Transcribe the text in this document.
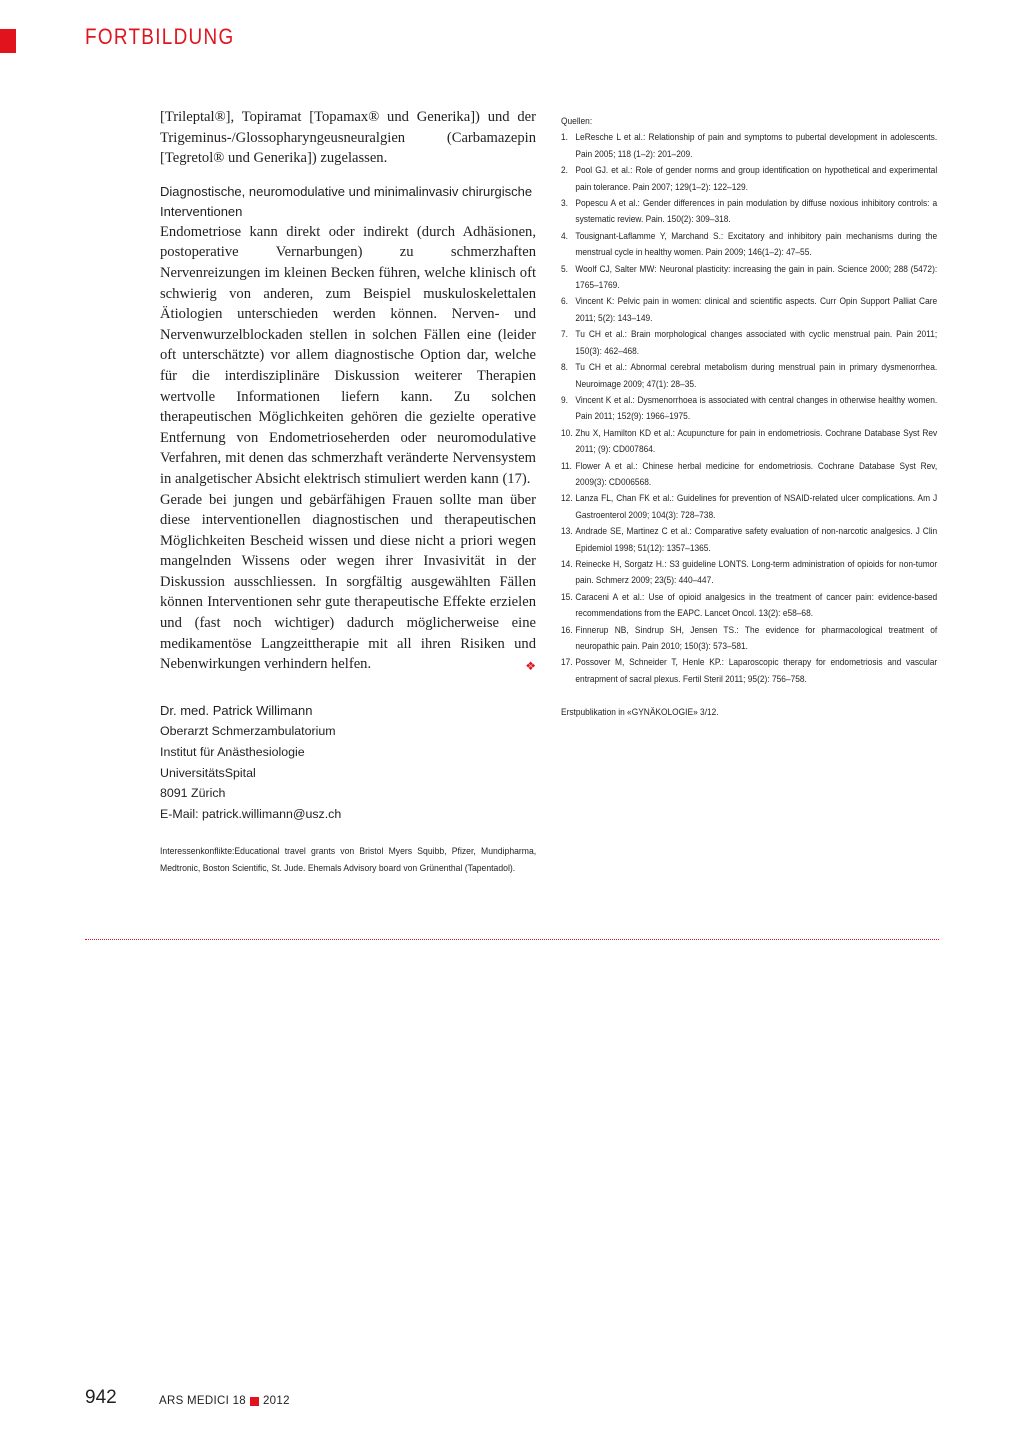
FORTBILDUNG

[Trileptal®], Topiramat [Topamax® und Generika]) und der Trigeminus-/Glossopharyngeusneuralgien (Carbamazepin [Tegretol® und Generika]) zugelassen.

Diagnostische, neuromodulative und minimalinvasiv chirurgische Interventionen

Endometriose kann direkt oder indirekt (durch Adhäsionen, postoperative Vernarbungen) zu schmerzhaften Nervenreizungen im kleinen Becken führen, welche klinisch oft schwierig von anderen, zum Beispiel muskuloskelettalen Ätiologien unterschieden werden können. Nerven- und Nervenwurzelblockaden stellen in solchen Fällen eine (leider oft unterschätzte) vor allem diagnostische Option dar, welche für die interdisziplinäre Diskussion weiterer Therapien wertvolle Informationen liefern kann. Zu solchen therapeutischen Möglichkeiten gehören die gezielte operative Entfernung von Endometrioseherden oder neuromodulative Verfahren, mit denen das schmerzhaft veränderte Nervensystem in analgetischer Absicht elektrisch stimuliert werden kann (17).

Gerade bei jungen und gebärfähigen Frauen sollte man über diese interventionellen diagnostischen und therapeutischen Möglichkeiten Bescheid wissen und diese nicht a priori wegen mangelnden Wissens oder wegen ihrer Invasivität in der Diskussion ausschliessen. In sorgfältig ausgewählten Fällen können Interventionen sehr gute therapeutische Effekte erzielen und (fast noch wichtiger) dadurch möglicherweise eine medikamentöse Langzeittherapie mit all ihren Risiken und Nebenwirkungen verhindern helfen.	❖

Dr. med. Patrick Willimann
Oberarzt Schmerzambulatorium
Institut für Anästhesiologie
UniversitätsSpital
8091 Zürich
E-Mail: patrick.willimann@usz.ch
Interessenkonflikte:Educational travel grants von Bristol Myers Squibb, Pfizer, Mundipharma, Medtronic, Boston Scientific, St. Jude. Ehemals Advisory board von Grünenthal (Tapentadol).
Quellen:
1. LeResche L et al.: Relationship of pain and symptoms to pubertal development in adolescents. Pain 2005; 118 (1–2): 201–209.
2. Pool GJ. et al.: Role of gender norms and group identification on hypothetical and experimental pain tolerance. Pain 2007; 129(1–2): 122–129.
3. Popescu A et al.: Gender differences in pain modulation by diffuse noxious inhibitory controls: a systematic review. Pain. 150(2): 309–318.
4. Tousignant-Laflamme Y, Marchand S.: Excitatory and inhibitory pain mechanisms during the menstrual cycle in healthy women. Pain 2009; 146(1–2): 47–55.
5. Woolf CJ, Salter MW: Neuronal plasticity: increasing the gain in pain. Science 2000; 288 (5472): 1765–1769.
6. Vincent K: Pelvic pain in women: clinical and scientific aspects. Curr Opin Support Palliat Care 2011; 5(2): 143–149.
7. Tu CH et al.: Brain morphological changes associated with cyclic menstrual pain. Pain 2011; 150(3): 462–468.
8. Tu CH et al.: Abnormal cerebral metabolism during menstrual pain in primary dysmenorrhea. Neuroimage 2009; 47(1): 28–35.
9. Vincent K et al.: Dysmenorrhoea is associated with central changes in otherwise healthy women. Pain 2011; 152(9): 1966–1975.
10. Zhu X, Hamilton KD et al.: Acupuncture for pain in endometriosis. Cochrane Database Syst Rev 2011; (9): CD007864.
11. Flower A et al.: Chinese herbal medicine for endometriosis. Cochrane Database Syst Rev, 2009(3): CD006568.
12. Lanza FL, Chan FK et al.: Guidelines for prevention of NSAID-related ulcer complications. Am J Gastroenterol 2009; 104(3): 728–738.
13. Andrade SE, Martinez C et al.: Comparative safety evaluation of non-narcotic analgesics. J Clin Epidemiol 1998; 51(12): 1357–1365.
14. Reinecke H, Sorgatz H.: S3 guideline LONTS. Long-term administration of opioids for non-tumor pain. Schmerz 2009; 23(5): 440–447.
15. Caraceni A et al.: Use of opioid analgesics in the treatment of cancer pain: evidence-based recommendations from the EAPC. Lancet Oncol. 13(2): e58–68.
16. Finnerup NB, Sindrup SH, Jensen TS.: The evidence for pharmacological treatment of neuropathic pain. Pain 2010; 150(3): 573–581.
17. Possover M, Schneider T, Henle KP.: Laparoscopic therapy for endometriosis and vascular entrapment of sacral plexus. Fertil Steril 2011; 95(2): 756–758.
Erstpublikation in «GYNÄKOLOGIE» 3/12.
942	ARS MEDICI 18 2012
